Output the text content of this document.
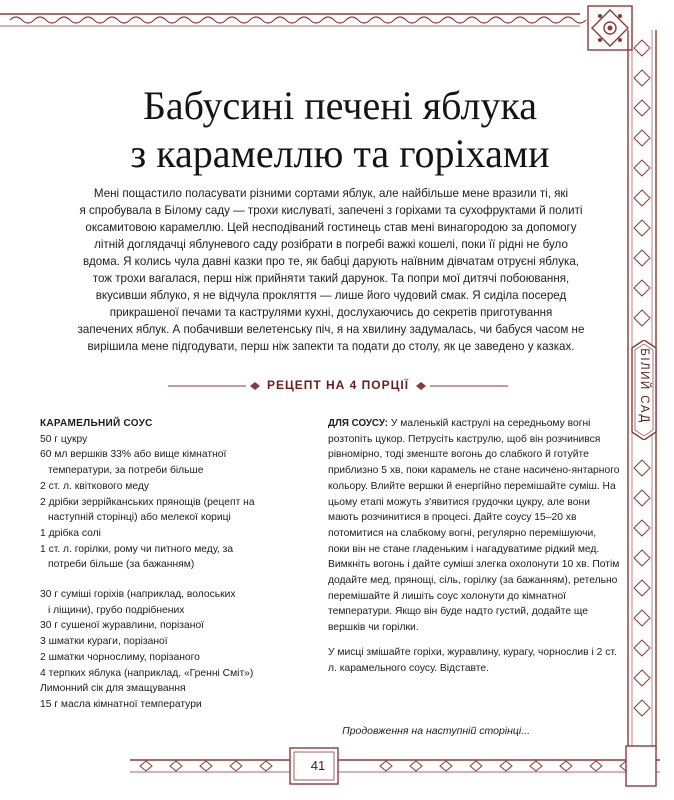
Бабусині печені яблука
з карамеллю та горіхами

Мені пощастило поласувати різними сортами яблук, але найбільше мене вразили ті, які

я спробувала в Білому саду — трохи кислуваті, запечені з горіхами та сухофруктами й политі

оксамитовою карамеллю. Цей несподіваний гостинець став мені винагородою за допомогу

літній доглядачці яблуневого саду розібрати в погребі важкі кошелі, поки її рідні не було

вдома. Я колись чула давні казки про те, як бабці дарують наївним дівчатам отруєні яблука,

тож трохи вагалася, перш ніж прийняти такий дарунок. Та попри мої дитячі побоювання,

вкусивши яблуко, я не відчула прокляття — лише його чудовий смак. Я сиділа посеред

прикрашеної печами та каструлями кухні, дослухаючись до секретів приготування

запечених яблук. А побачивши велетенську піч, я на хвилину задумалась, чи бабуся часом не

вирішила мене підгодувати, перш ніж запекти та подати до столу, як це заведено у казках.

РЕЦЕПТ НА 4 ПОРЦІЇ
КАРАМЕЛЬНИЙ СОУС
50 г цукру
60 мл вершків 33% або вище кімнатної
температури, за потреби більше
2 ст. л. квіткового меду
2 дрібки зеррійканських прянощів (рецепт на
наступній сторінці) або мелекої кориці
1 дрібка солі
1 ст. л. горілки, рому чи питного меду, за
потреби більше (за бажанням)
30 г суміші горіхів (наприклад, волоських
і ліщини), грубо подрібнених
30 г сушеної журавлини, порізаної
3 шматки кураги, порізаної
2 шматки чорнослиму, порізаного
4 терпких яблука (наприклад, «Гренні Сміт»)
Лимонний сік для змащування
15 г масла кімнатної температури

ДЛЯ СОУСУ: У маленькій каструлі на середньому вогні розтопіть цукор. Петрусіть каструлю, щоб він розчинився рівномірно, тоді зменште вогонь до слабкого й готуйте приблизно 5 хв, поки карамель не стане насичено-янтарного кольору. Влийте вершки й енергійно перемішайте суміш. На цьому етапі можуть з'явитися грудочки цукру, але вони мають розчинитися в процесі. Дайте соусу 15–20 хв потомитися на слабкому вогні, регулярно перемішуючи, поки він не стане гладеньким і нагадуватиме рідкий мед. Вимкніть вогонь і дайте суміші злегка охолонути 10 хв. Потім додайте мед, прянощі, сіль, горілку (за бажанням), ретельно перемішайте й лишіть соус холонути до кімнатної температури. Якщо він буде надто густий, додайте ще вершків чи горілки.

У мисці змішайте горіхи, журавлину, курагу, чорнослив і 2 ст. л. карамельного соусу. Відставте.

Продовження на наступній сторінці...
41
БІЛИЙ САД
